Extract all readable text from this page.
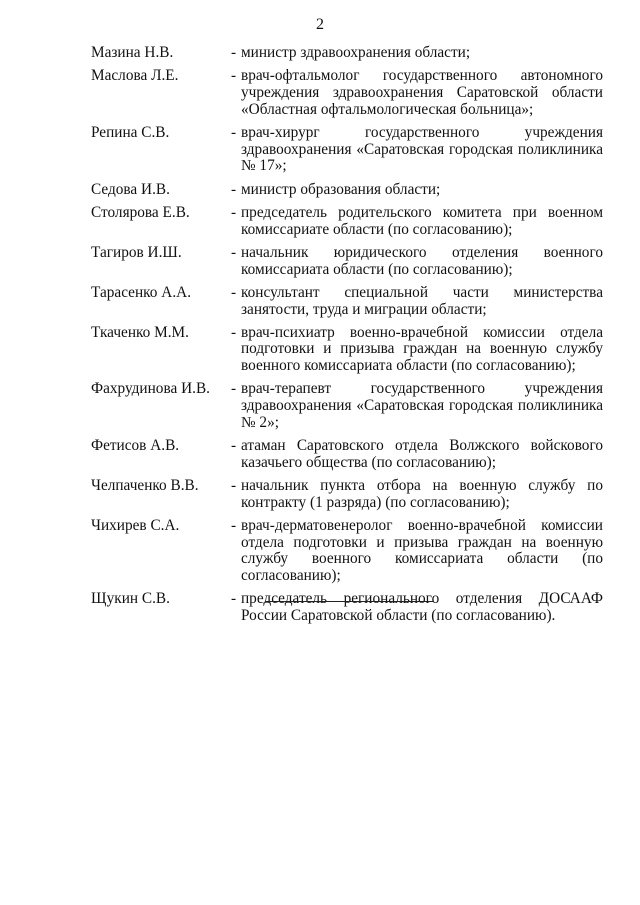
2
Мазина Н.В.	- министр здравоохранения области;
Маслова Л.Е.	- врач-офтальмолог государственного автономного учреждения здравоохранения Саратовской области «Областная офтальмологическая больница»;
Репина С.В.	- врач-хирург государственного учреждения здравоохранения «Саратовская городская поликлиника № 17»;
Седова И.В.	- министр образования области;
Столярова Е.В.	- председатель родительского комитета при военном комиссариате области (по согласованию);
Тагиров И.Ш.	- начальник юридического отделения военного комиссариата области (по согласованию);
Тарасенко А.А.	- консультант специальной части министерства занятости, труда и миграции области;
Ткаченко М.М.	- врач-психиатр военно-врачебной комиссии отдела подготовки и призыва граждан на военную службу военного комиссариата области (по согласованию);
Фахрудинова И.В.	- врач-терапевт государственного учреждения здравоохранения «Саратовская городская поликлиника № 2»;
Фетисов А.В.	- атаман Саратовского отдела Волжского войскового казачьего общества (по согласованию);
Челпаченко В.В.	- начальник пункта отбора на военную службу по контракту (1 разряда) (по согласованию);
Чихирев С.А.	- врач-дерматовенеролог военно-врачебной комиссии отдела подготовки и призыва граждан на военную службу военного комиссариата области (по согласованию);
Щукин С.В.	- председатель регионального отделения ДОСААФ России Саратовской области (по согласованию).
